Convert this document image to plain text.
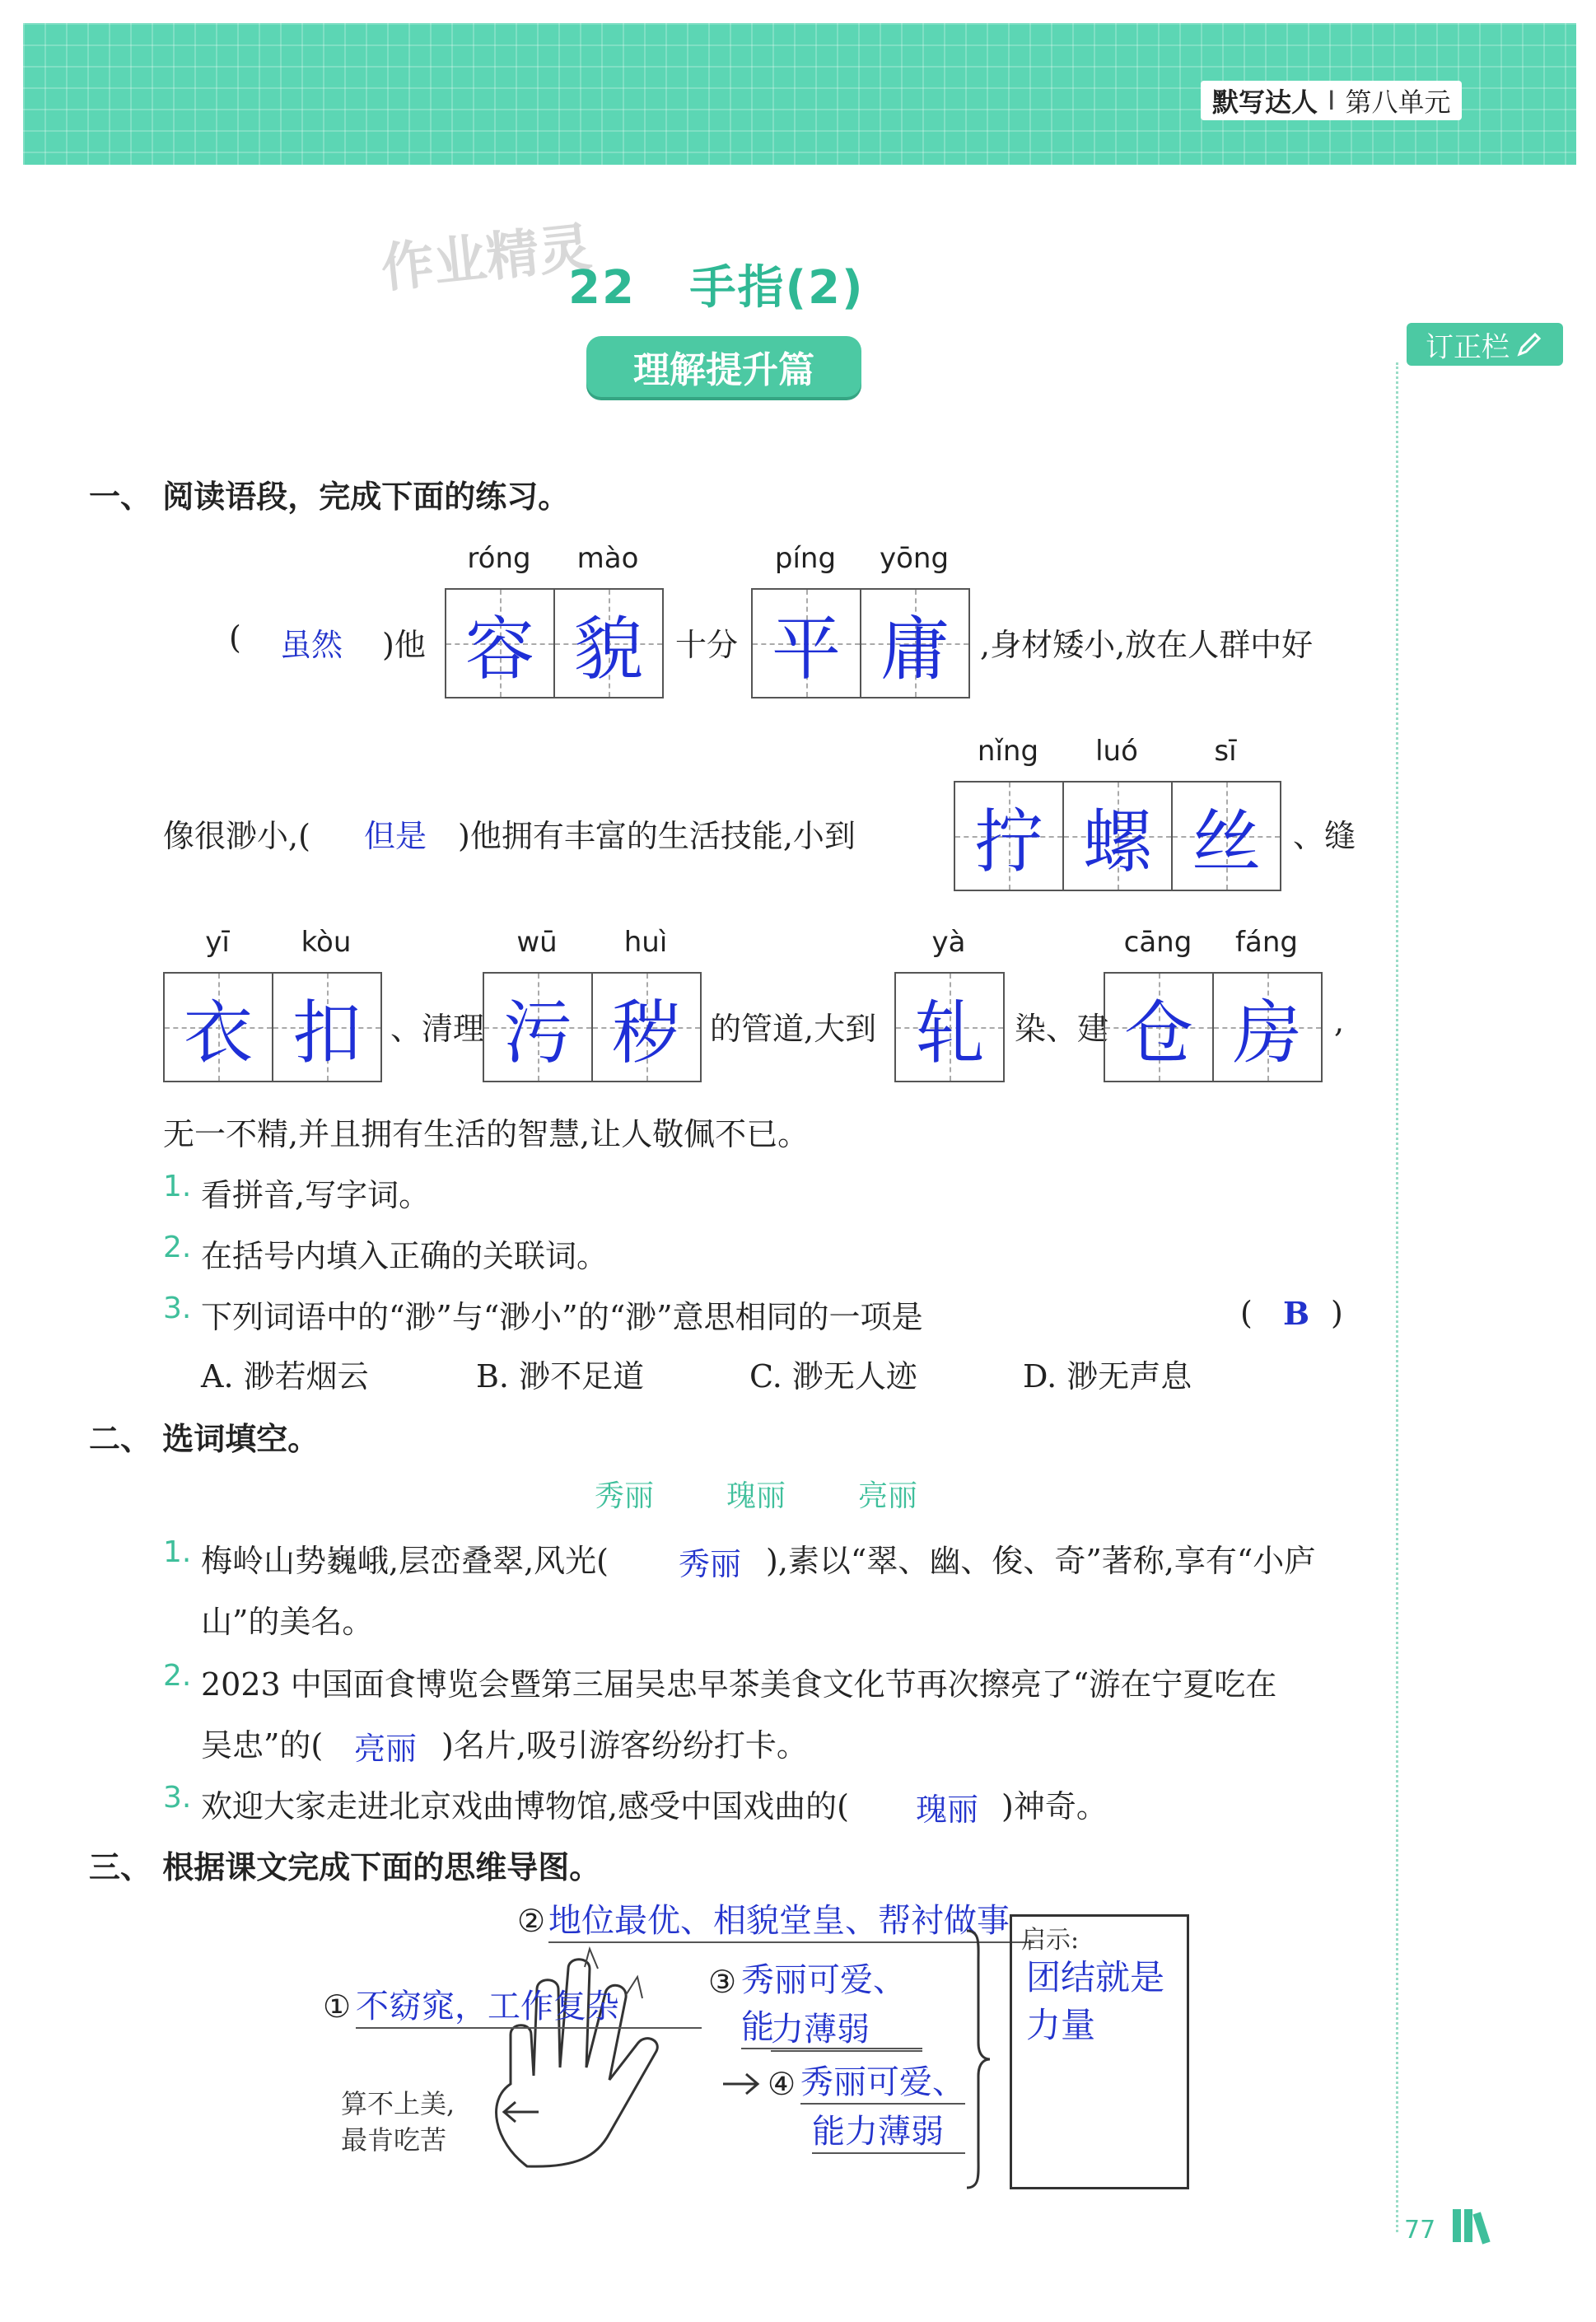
默写达人 I 第八单元
作业精灵
22 手指(2)
理解提升篇
订正栏
一、 阅读语段，完成下面的练习。
( 虽然 )他
róng	mào
容 貌 十分
píng	yōng
平 庸 ,身材矮小,放在人群中好
像很渺小,( 但是 )他拥有丰富的生活技能,小到
nǐng	luó	sī
拧 螺 丝 、缝
yī	kòu
衣 扣 、清理
wū	huì
污 秽 的管道,大到
yà
轧 染、建
cāng	fáng
仓 房 ,
无一不精,并且拥有生活的智慧,让人敬佩不已。
1. 看拼音,写字词。
2. 在括号内填入正确的关联词。
3. 下列词语中的“渺”与“渺小”的“渺”意思相同的一项是	( B )
A. 渺若烟云	B. 渺不足道	C. 渺无人迹	D. 渺无声息
二、 选词填空。
秀丽 瑰丽 亮丽
1. 梅岭山势巍峨,层峦叠翠,风光( 秀丽 ),素以“翠、幽、俊、奇”著称,享有“小庐
山”的美名。
2. 2023 中国面食博览会暨第三届吴忠早茶美食文化节再次擦亮了“游在宁夏吃在
吴忠”的( 亮丽 )名片,吸引游客纷纷打卡。
3. 欢迎大家走进北京戏曲博物馆,感受中国戏曲的( 瑰丽 )神奇。
三、 根据课文完成下面的思维导图。
① 不窈窕，工作复杂
② 地位最优、相貌堂皇、帮衬做事
③ 秀丽可爱、能
力薄弱
④ 秀丽可爱、
能力薄弱
算不上美,
最肯吃苦
启示:
团结就是
力量
77
